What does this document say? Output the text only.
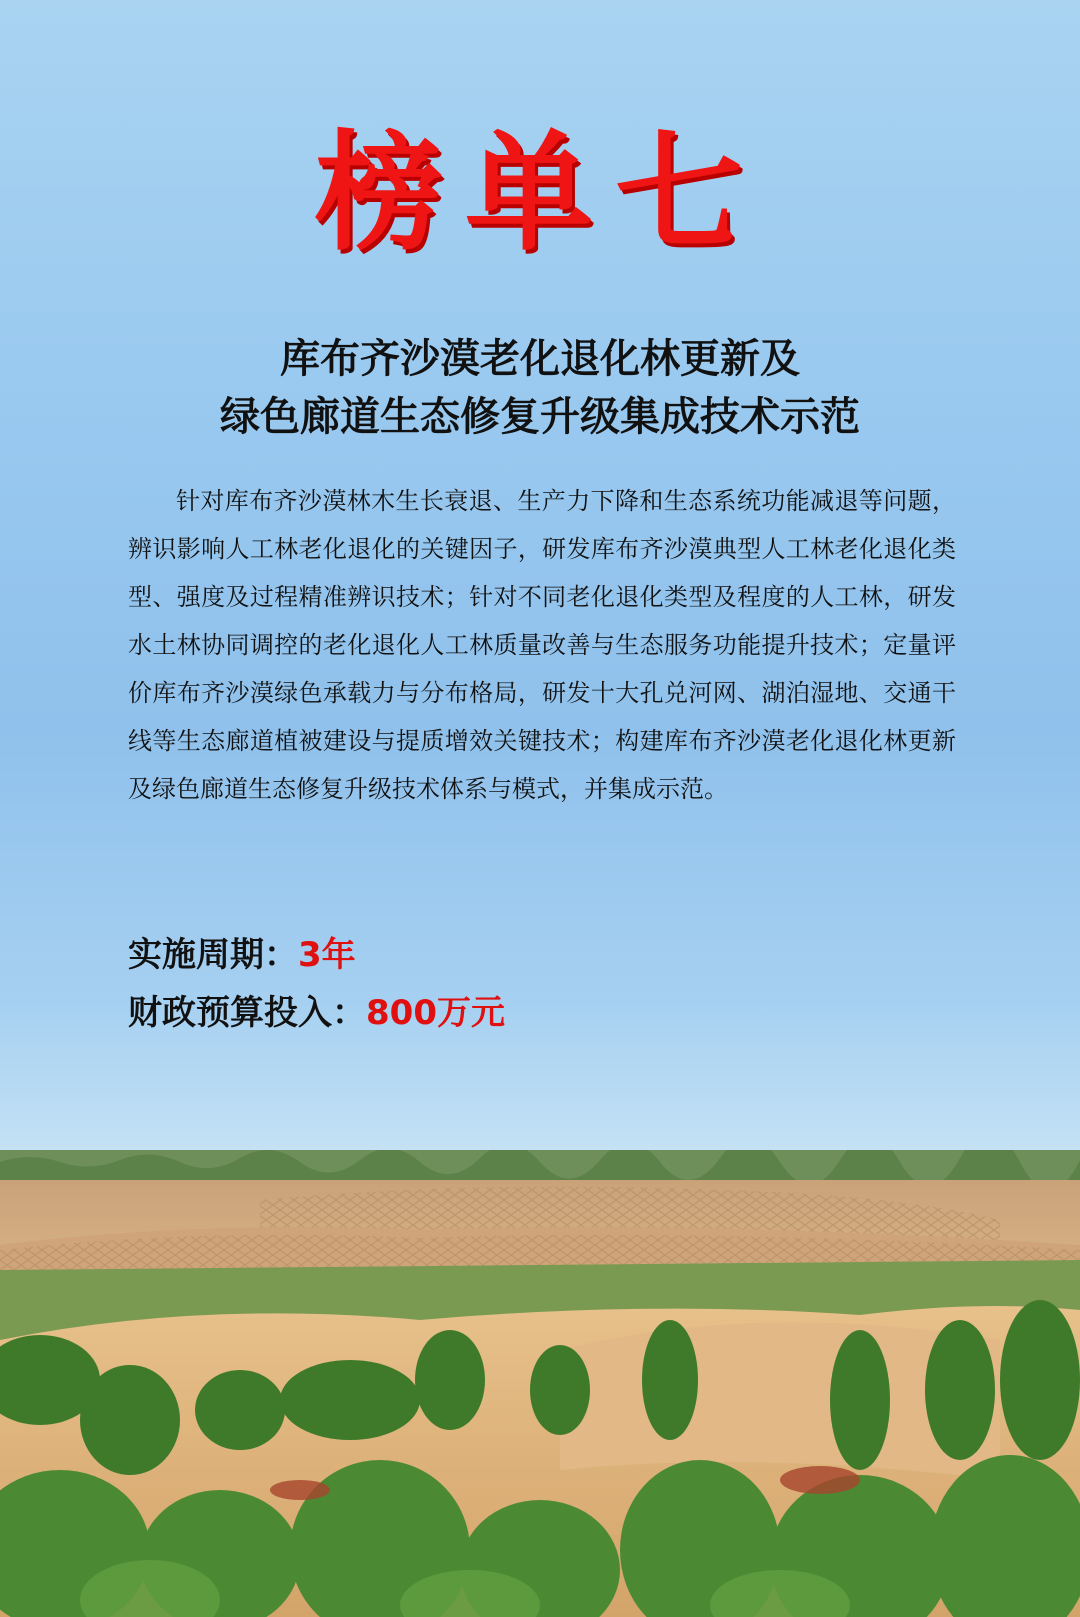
榜单七
库布齐沙漠老化退化林更新及
绿色廊道生态修复升级集成技术示范

针对库布齐沙漠林木生长衰退、生产力下降和生态系统功能减退等问题，辨识影响人工林老化退化的关键因子，研发库布齐沙漠典型人工林老化退化类型、强度及过程精准辨识技术；针对不同老化退化类型及程度的人工林，研发水土林协同调控的老化退化人工林质量改善与生态服务功能提升技术；定量评价库布齐沙漠绿色承载力与分布格局，研发十大孔兑河网、湖泊湿地、交通干线等生态廊道植被建设与提质增效关键技术；构建库布齐沙漠老化退化林更新及绿色廊道生态修复升级技术体系与模式，并集成示范。

实施周期：3年
财政预算投入：800万元
